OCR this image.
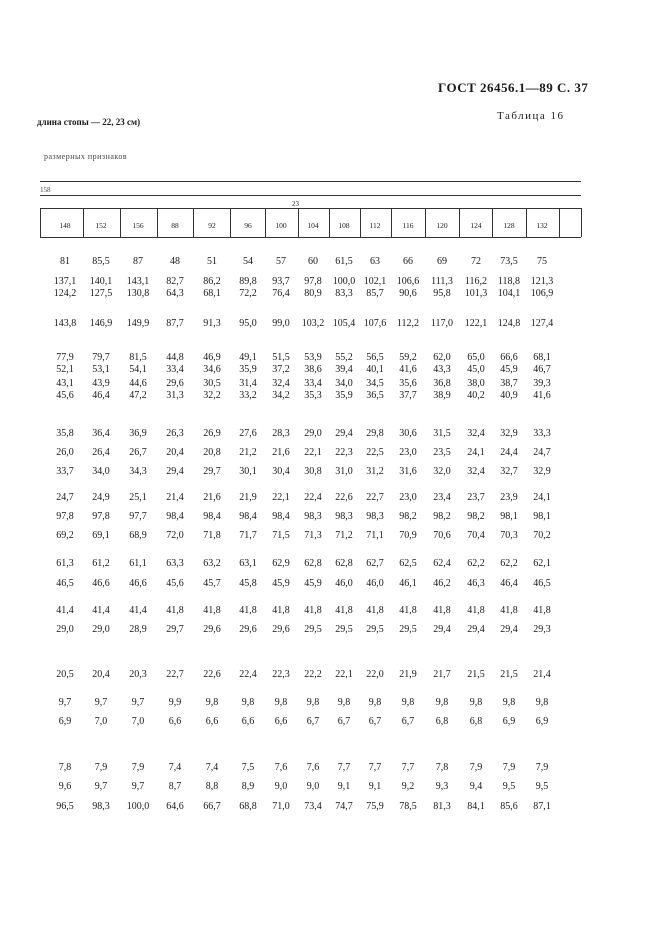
ГОСТ 26456.1—89 С. 37
длина стопы — 22, 23 см)	Таблица 16
размерных признаков
158
23
148	152	156	88	92	96	100	104	108	112	116	120	124	128	132
81 85,5 87	48	51	54 57 60 61,5 63 66 69 72 73,5 75
137,1 140,1 143,1 82,7 86,2 89,8 93,7 97,8 100,0 102,1 106,6 111,3 116,2 118,8 121,3
124,2 127,5 130,8 64,3 68,1 72,2 76,4 80,9 83,3 85,7 90,6 95,8 101,3 104,1 106,9
143,8 146,9 149,9 87,7 91,3 95,0 99,0 103,2 105,4 107,6 112,2 117,0 122,1 124,8 127,4
77,9 79,7 81,5 44,8 46,9 49,1 51,5 53,9 55,2 56,5 59,2 62,0 65,0 66,6 68,1
52,1 53,1 54,1 33,4 34,6 35,9 37,2 38,6 39,4 40,1 41,6 43,3 45,0 45,9 46,7
43,1 43,9 44,6 29,6 30,5 31,4 32,4 33,4 34,0 34,5 35,6 36,8 38,0 38,7 39,3
45,6 46,4 47,2 31,3 32,2 33,2 34,2 35,3 35,9 36,5 37,7 38,9 40,2 40,9 41,6
35,8 36,4 36,9 26,3 26,9 27,6 28,3 29,0 29,4 29,8 30,6 31,5 32,4 32,9 33,3
26,0 26,4 26,7 20,4 20,8 21,2 21,6 22,1 22,3 22,5 23,0 23,5 24,1 24,4 24,7
33,7 34,0 34,3 29,4 29,7 30,1 30,4 30,8 31,0 31,2 31,6 32,0 32,4 32,7 32,9
24,7 24,9 25,1 21,4 21,6 21,9 22,1 22,4 22,6 22,7 23,0 23,4 23,7 23,9 24,1
97,8 97,8 97,7 98,4 98,4 98,4 98,4 98,3 98,3 98,3 98,2 98,2 98,2 98,1 98,1
69,2 69,1 68,9 72,0 71,8 71,7 71,5 71,3 71,2 71,1 70,9 70,6 70,4 70,3 70,2
61,3 61,2 61,1 63,3 63,2 63,1 62,9 62,8 62,8 62,7 62,5 62,4 62,2 62,2 62,1
46,5 46,6 46,6 45,6 45,7 45,8 45,9 45,9 46,0 46,0 46,1 46,2 46,3 46,4 46,5
41,4 41,4 41,4 41,8 41,8 41,8 41,8 41,8 41,8 41,8 41,8 41,8 41,8 41,8 41,8
29,0 29,0 28,9 29,7 29,6 29,6 29,6 29,5 29,5 29,5 29,5 29,4 29,4 29,4 29,3
20,5 20,4 20,3 22,7 22,6 22,4 22,3 22,2 22,1 22,0 21,9 21,7 21,5 21,5 21,4
9,7 9,7 9,7 9,9 9,8 9,8 9,8 9,8 9,8 9,8 9,8 9,8 9,8 9,8 9,8
6,9 7,0 7,0 6,6 6,6 6,6 6,6 6,7 6,7 6,7 6,7 6,8 6,8 6,9 6,9
7,8 7,9 7,9 7,4 7,4 7,5 7,6 7,6 7,7 7,7 7,7 7,8 7,9 7,9 7,9
9,6 9,7 9,7 8,7 8,8 8,9 9,0 9,0 9,1 9,1 9,2 9,3 9,4 9,5 9,5
96,5 98,3 100,0 64,6 66,7 68,8 71,0 73,4 74,7 75,9 78,5 81,3 84,1 85,6 87,1
